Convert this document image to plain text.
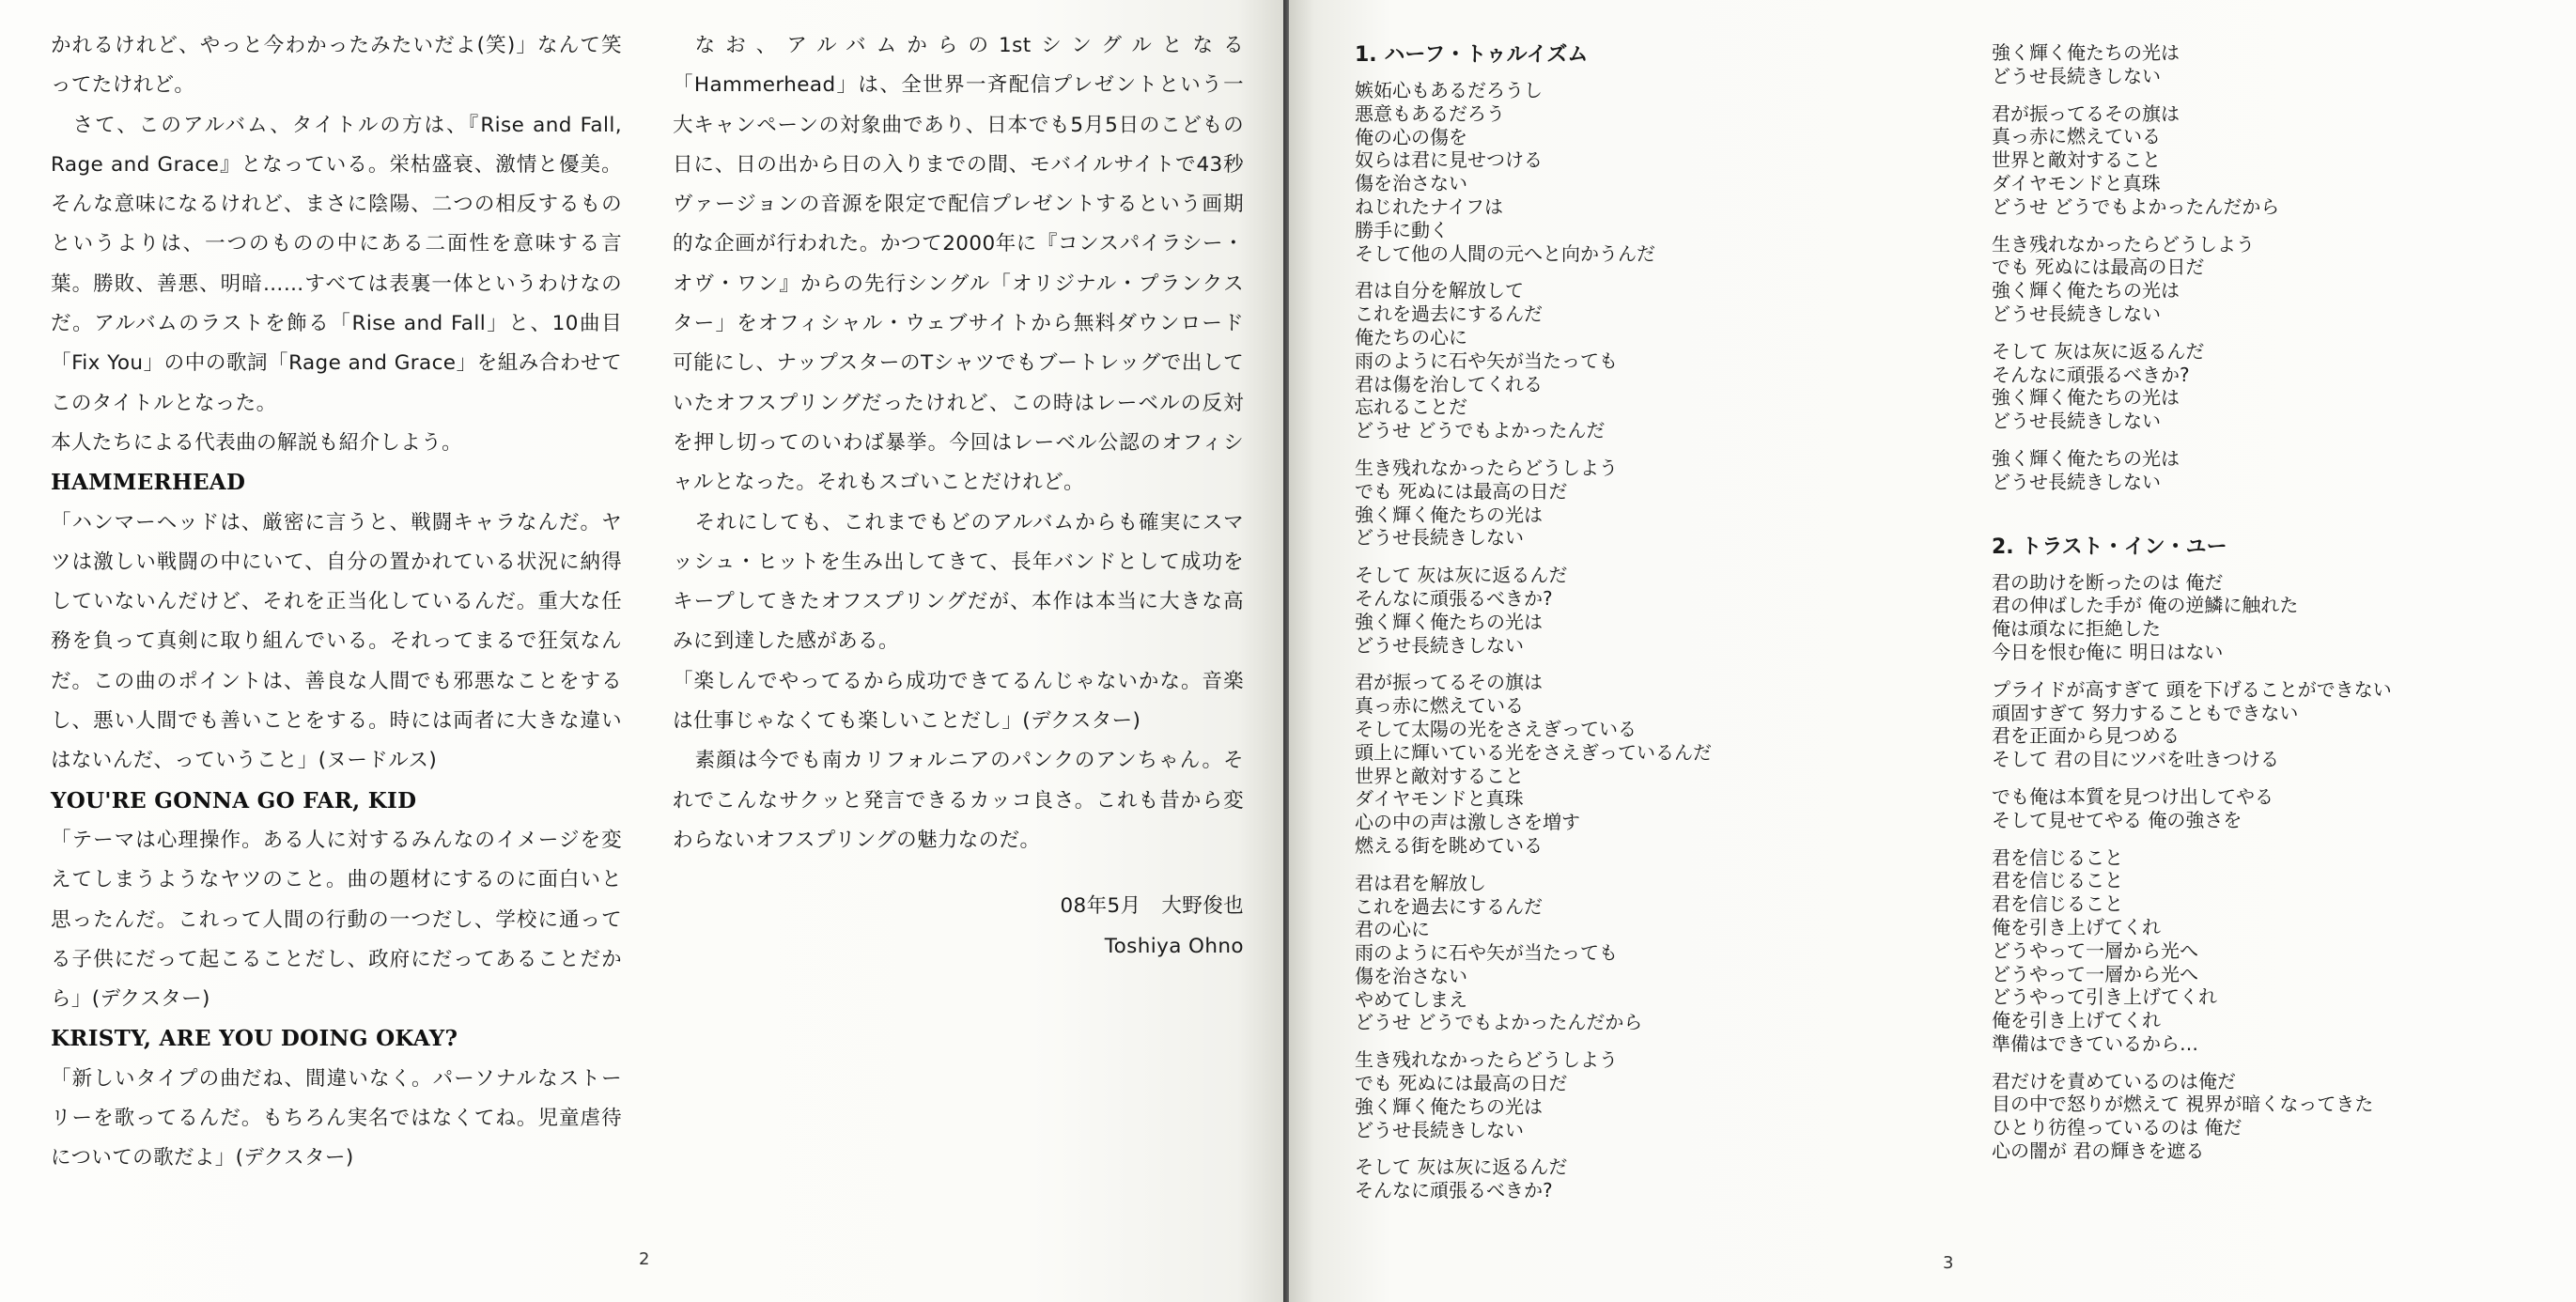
かれるけれど、やっと今わかったみたいだよ(笑)」なんて笑ってたけれど。

さて、このアルバム、タイトルの方は、『Rise and Fall, Rage and Grace』となっている。栄枯盛衰、激情と優美。そんな意味になるけれど、まさに陰陽、二つの相反するものというよりは、一つのものの中にある二面性を意味する言葉。勝敗、善悪、明暗……すべては表裏一体というわけなのだ。アルバムのラストを飾る「Rise and Fall」と、10曲目「Fix You」の中の歌詞「Rage and Grace」を組み合わせてこのタイトルとなった。

本人たちによる代表曲の解説も紹介しよう。

HAMMERHEAD

「ハンマーヘッドは、厳密に言うと、戦闘キャラなんだ。ヤツは激しい戦闘の中にいて、自分の置かれている状況に納得していないんだけど、それを正当化しているんだ。重大な任務を負って真剣に取り組んでいる。それってまるで狂気なんだ。この曲のポイントは、善良な人間でも邪悪なことをするし、悪い人間でも善いことをする。時には両者に大きな違いはないんだ、っていうこと」(ヌードルス)

YOU'RE GONNA GO FAR, KID

「テーマは心理操作。ある人に対するみんなのイメージを変えてしまうようなヤツのこと。曲の題材にするのに面白いと思ったんだ。これって人間の行動の一つだし、学校に通ってる子供にだって起こることだし、政府にだってあることだから」(デクスター)

KRISTY, ARE YOU DOING OKAY?

「新しいタイプの曲だね、間違いなく。パーソナルなストーリーを歌ってるんだ。もちろん実名ではなくてね。児童虐待についての歌だよ」(デクスター)

なお、アルバムからの1stシングルとなる「Hammerhead」は、全世界一斉配信プレゼントという一大キャンペーンの対象曲であり、日本でも5月5日のこどもの日に、日の出から日の入りまでの間、モバイルサイトで43秒ヴァージョンの音源を限定で配信プレゼントするという画期的な企画が行われた。かつて2000年に『コンスパイラシー・オヴ・ワン』からの先行シングル「オリジナル・プランクスター」をオフィシャル・ウェブサイトから無料ダウンロード可能にし、ナップスターのTシャツでもブートレッグで出していたオフスプリングだったけれど、この時はレーベルの反対を押し切ってのいわば暴挙。今回はレーベル公認のオフィシャルとなった。それもスゴいことだけれど。

それにしても、これまでもどのアルバムからも確実にスマッシュ・ヒットを生み出してきて、長年バンドとして成功をキープしてきたオフスプリングだが、本作は本当に大きな高みに到達した感がある。

「楽しんでやってるから成功できてるんじゃないかな。音楽は仕事じゃなくても楽しいことだし」(デクスター)

素顔は今でも南カリフォルニアのパンクのアンちゃん。それでこんなサクッと発言できるカッコ良さ。これも昔から変わらないオフスプリングの魅力なのだ。

08年5月　大野俊也

Toshiya Ohno

2
1. ハーフ・トゥルイズム
嫉妬心もあるだろうし
悪意もあるだろう
俺の心の傷を
奴らは君に見せつける
傷を治さない
ねじれたナイフは
勝手に動く
そして他の人間の元へと向かうんだ
君は自分を解放して
これを過去にするんだ
俺たちの心に
雨のように石や矢が当たっても
君は傷を治してくれる
忘れることだ
どうせ どうでもよかったんだ
生き残れなかったらどうしよう
でも 死ぬには最高の日だ
強く輝く俺たちの光は
どうせ長続きしない
そして 灰は灰に返るんだ
そんなに頑張るべきか?
強く輝く俺たちの光は
どうせ長続きしない
君が振ってるその旗は
真っ赤に燃えている
そして太陽の光をさえぎっている
頭上に輝いている光をさえぎっているんだ
世界と敵対すること
ダイヤモンドと真珠
心の中の声は激しさを増す
燃える街を眺めている
君は君を解放し
これを過去にするんだ
君の心に
雨のように石や矢が当たっても
傷を治さない
やめてしまえ
どうせ どうでもよかったんだから
生き残れなかったらどうしよう
でも 死ぬには最高の日だ
強く輝く俺たちの光は
どうせ長続きしない
そして 灰は灰に返るんだ
そんなに頑張るべきか?
強く輝く俺たちの光は
どうせ長続きしない
君が振ってるその旗は
真っ赤に燃えている
世界と敵対すること
ダイヤモンドと真珠
どうせ どうでもよかったんだから
生き残れなかったらどうしよう
でも 死ぬには最高の日だ
強く輝く俺たちの光は
どうせ長続きしない
そして 灰は灰に返るんだ
そんなに頑張るべきか?
強く輝く俺たちの光は
どうせ長続きしない
強く輝く俺たちの光は
どうせ長続きしない
2. トラスト・イン・ユー
君の助けを断ったのは 俺だ
君の伸ばした手が 俺の逆鱗に触れた
俺は頑なに拒絶した
今日を恨む俺に 明日はない
プライドが高すぎて 頭を下げることができない
頑固すぎて 努力することもできない
君を正面から見つめる
そして 君の目にツバを吐きつける
でも俺は本質を見つけ出してやる
そして見せてやる 俺の強さを
君を信じること
君を信じること
君を信じること
俺を引き上げてくれ
どうやって一層から光へ
どうやって一層から光へ
どうやって引き上げてくれ
俺を引き上げてくれ
準備はできているから…
君だけを責めているのは俺だ
目の中で怒りが燃えて 視界が暗くなってきた
ひとり彷徨っているのは 俺だ
心の闇が 君の輝きを遮る
3
